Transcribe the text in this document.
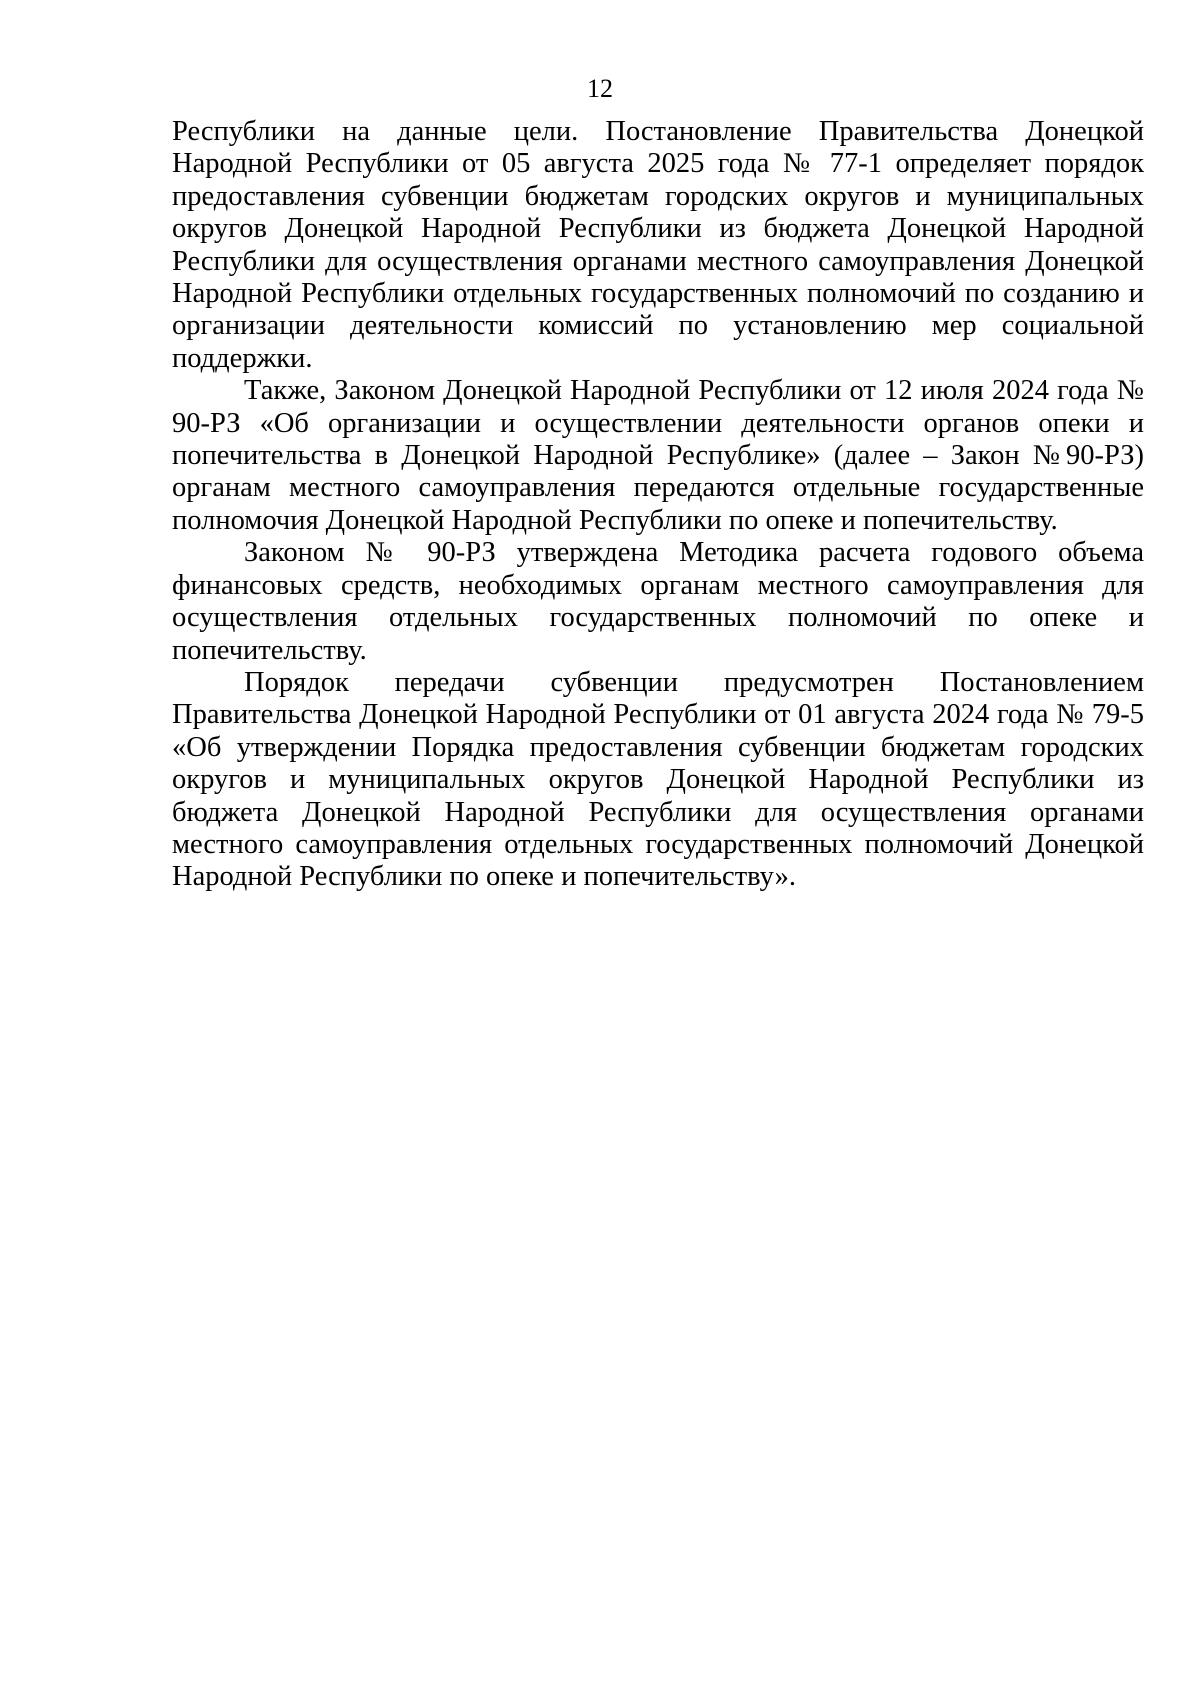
12

Республики на данные цели. Постановление Правительства Донецкой Народной Республики от 05 августа 2025 года № 77-1 определяет порядок предоставления субвенции бюджетам городских округов и муниципальных округов Донецкой Народной Республики из бюджета Донецкой Народной Республики для осуществления органами местного самоуправления Донецкой Народной Республики отдельных государственных полномочий по созданию и организации деятельности комиссий по установлению мер социальной поддержки.

Также, Законом Донецкой Народной Республики от 12 июля 2024 года № 90-РЗ «Об организации и осуществлении деятельности органов опеки и попечительства в Донецкой Народной Республике» (далее – Закон №90-РЗ) органам местного самоуправления передаются отдельные государственные полномочия Донецкой Народной Республики по опеке и попечительству.

Законом № 90-РЗ утверждена Методика расчета годового объема финансовых средств, необходимых органам местного самоуправления для осуществления отдельных государственных полномочий по опеке и попечительству.

Порядок передачи субвенции предусмотрен Постановлением Правительства Донецкой Народной Республики от 01 августа 2024 года № 79-5 «Об утверждении Порядка предоставления субвенции бюджетам городских округов и муниципальных округов Донецкой Народной Республики из бюджета Донецкой Народной Республики для осуществления органами местного самоуправления отдельных государственных полномочий Донецкой Народной Республики по опеке и попечительству».
